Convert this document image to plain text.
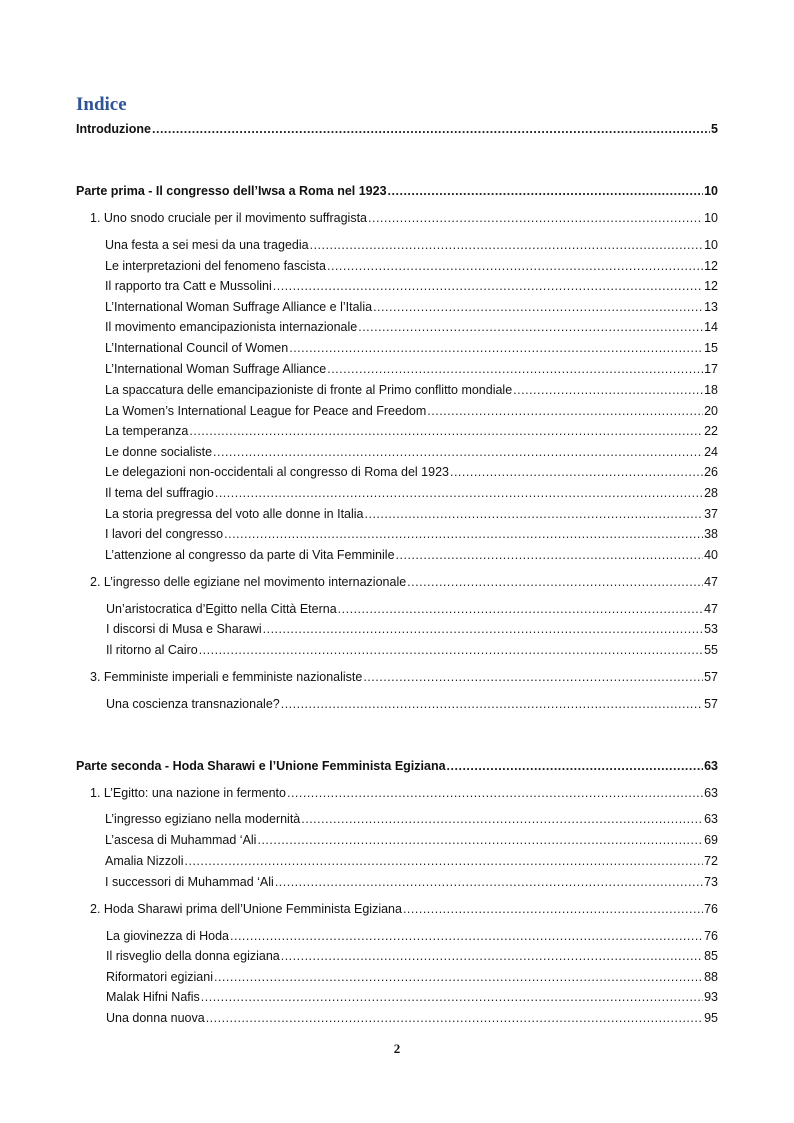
Indice
Introduzione .....	5
Parte prima - Il congresso dell’Iwsa a Roma nel 1923 .....	10
1. Uno snodo cruciale per il movimento suffragista .....	10
Una festa a sei mesi da una tragedia .....	10
Le interpretazioni del fenomeno fascista .....	12
Il rapporto tra Catt e Mussolini .....	12
L’International Woman Suffrage Alliance e l’Italia .....	13
Il movimento emancipazionista internazionale .....	14
L’International Council of Women .....	15
L’International Woman Suffrage Alliance .....	17
La spaccatura delle emancipazioniste di fronte al Primo conflitto mondiale .....	18
La Women’s International League for Peace and Freedom .....	20
La temperanza .....	22
Le donne socialiste .....	24
Le delegazioni non-occidentali al congresso di Roma del 1923 .....	26
Il tema del suffragio .....	28
La storia pregressa del voto alle donne in Italia .....	37
I lavori del congresso .....	38
L’attenzione al congresso da parte di Vita Femminile .....	40
2. L’ingresso delle egiziane nel movimento internazionale .....	47
Un’aristocratica d’Egitto nella Città Eterna .....	47
I discorsi di Musa e Sharawi .....	53
Il ritorno al Cairo .....	55
3. Femministe imperiali e femministe nazionaliste .....	57
Una coscienza transnazionale? .....	57
Parte seconda - Hoda Sharawi e l’Unione Femminista Egiziana .....	63
1. L’Egitto: una nazione in fermento .....	63
L’ingresso egiziano nella modernità .....	63
L’ascesa di Muhammad ‘Ali .....	69
Amalia Nizzoli .....	72
I successori di Muhammad ‘Ali .....	73
2. Hoda Sharawi prima dell’Unione Femminista Egiziana .....	76
La giovinezza di Hoda .....	76
Il risveglio della donna egiziana .....	85
Riformatori egiziani .....	88
Malak Hifni Nafis .....	93
Una donna nuova .....	95
2
